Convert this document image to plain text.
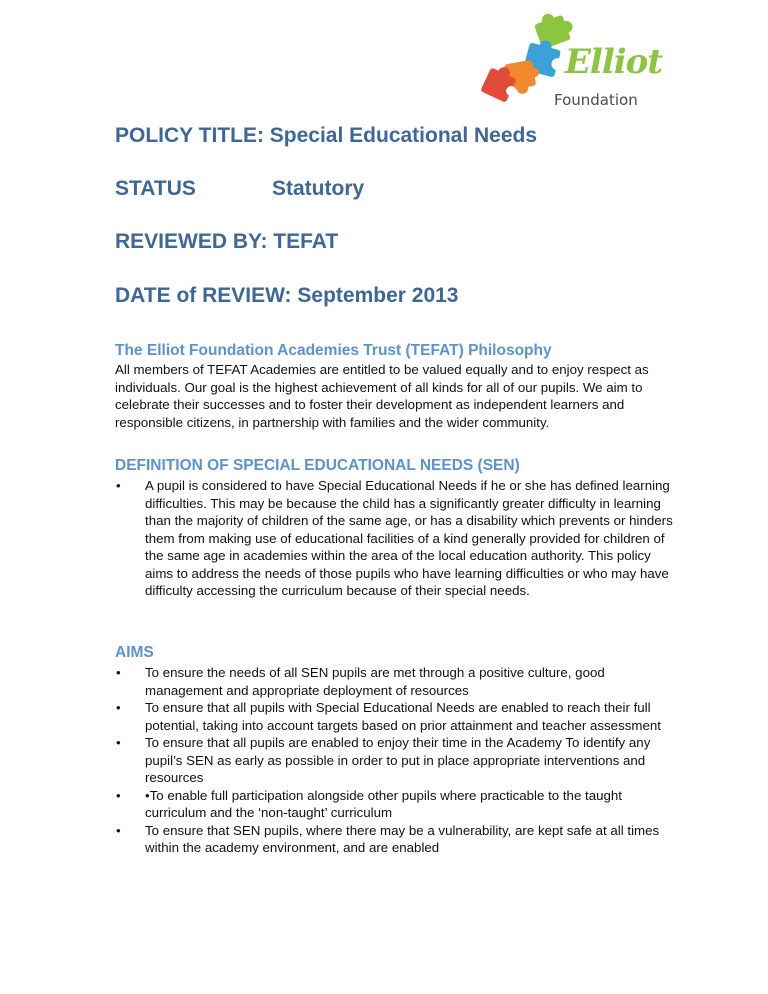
Elliot
Foundation
POLICY TITLE: Special Educational Needs
STATUS	Statutory
REVIEWED BY: TEFAT
DATE of REVIEW: September 2013
The Elliot Foundation Academies Trust (TEFAT) Philosophy
All members of TEFAT Academies are entitled to be valued equally and to enjoy respect as individuals. Our goal is the highest achievement of all kinds for all of our pupils. We aim to celebrate their successes and to foster their development as independent learners and responsible citizens, in partnership with families and the wider community.
DEFINITION OF SPECIAL EDUCATIONAL NEEDS (SEN)
• A pupil is considered to have Special Educational Needs if he or she has defined learning difficulties. This may be because the child has a significantly greater difficulty in learning than the majority of children of the same age, or has a disability which prevents or hinders them from making use of educational facilities of a kind generally provided for children of the same age in academies within the area of the local education authority. This policy aims to address the needs of those pupils who have learning difficulties or who may have difficulty accessing the curriculum because of their special needs.
AIMS
• To ensure the needs of all SEN pupils are met through a positive culture, good management and appropriate deployment of resources
• To ensure that all pupils with Special Educational Needs are enabled to reach their full potential, taking into account targets based on prior attainment and teacher assessment
• To ensure that all pupils are enabled to enjoy their time in the Academy To identify any pupil’s SEN as early as possible in order to put in place appropriate interventions and resources
• •To enable full participation alongside other pupils where practicable to the taught curriculum and the ‘non-taught’ curriculum
• To ensure that SEN pupils, where there may be a vulnerability, are kept safe at all times within the academy environment, and are enabled
